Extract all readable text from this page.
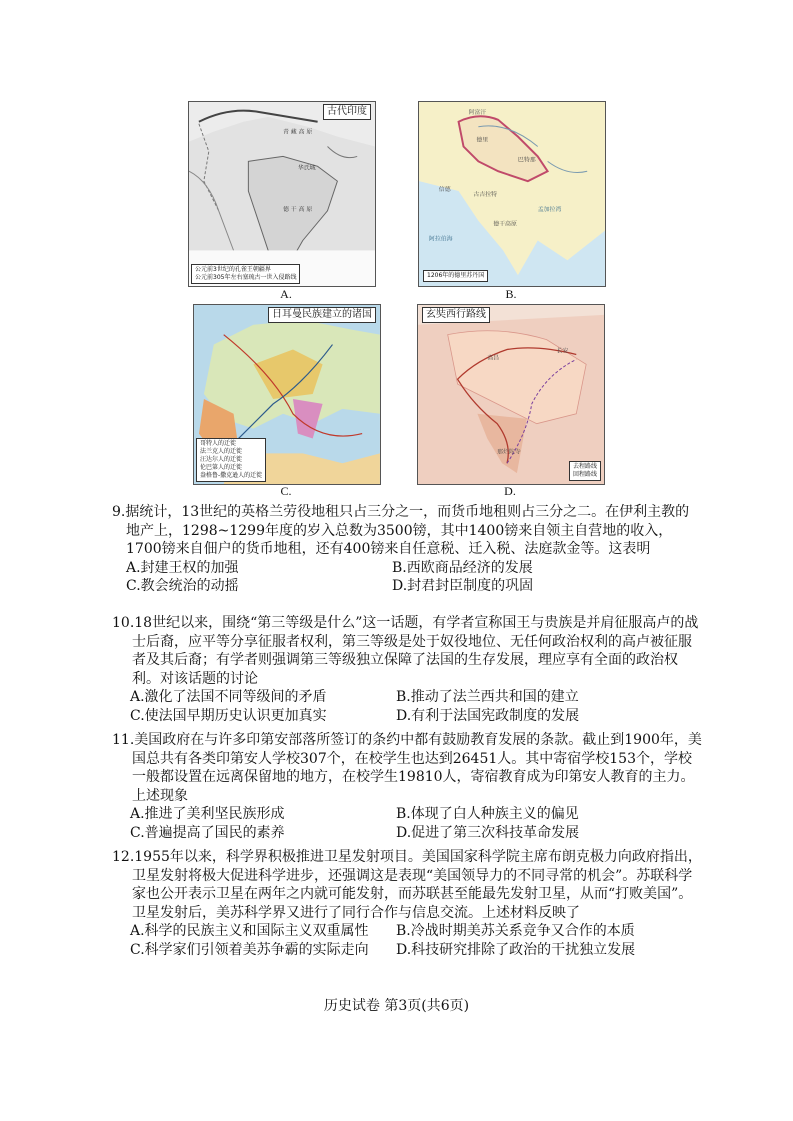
青 藏 高 原
华氏城
德 干 高 原
古代印度
公元前3世纪的孔雀王朝疆界
公元前305年左右塞琉古一世入侵路线
A.
阿富汗
德里
巴特那
信德
古吉拉特
德干高原
孟加拉湾
阿拉伯海
1206年的德里苏丹国
B.
日耳曼民族建立的诸国
哥特人的迁徙
法兰克人的迁徙
汪达尔人的迁徙
伦巴第人的迁徙
盎格鲁-撒克逊人的迁徙
C.
长安
高昌
那烂陀寺
玄奘西行路线
去程路线
回程路线
D.
9.据统计，13世纪的英格兰劳役地租只占三分之一，而货币地租则占三分之二。在伊利主教的地产上，1298~1299年度的岁入总数为3500镑，其中1400镑来自领主自营地的收入，1700镑来自佃户的货币地租，还有400镑来自任意税、迁入税、法庭款金等。这表明
A.封建王权的加强	B.西欧商品经济的发展
C.教会统治的动摇	D.封君封臣制度的巩固
10.18世纪以来，围绕“第三等级是什么”这一话题，有学者宣称国王与贵族是并肩征服高卢的战士后裔，应平等分享征服者权利，第三等级是处于奴役地位、无任何政治权利的高卢被征服者及其后裔；有学者则强调第三等级独立保障了法国的生存发展，理应享有全面的政治权利。对该话题的讨论
A.激化了法国不同等级间的矛盾	B.推动了法兰西共和国的建立
C.使法国早期历史认识更加真实	D.有利于法国宪政制度的发展
11.美国政府在与许多印第安部落所签订的条约中都有鼓励教育发展的条款。截止到1900年，美国总共有各类印第安人学校307个，在校学生也达到26451人。其中寄宿学校153个，学校一般都设置在远离保留地的地方，在校学生19810人，寄宿教育成为印第安人教育的主力。上述现象
A.推进了美利坚民族形成	B.体现了白人种族主义的偏见
C.普遍提高了国民的素养	D.促进了第三次科技革命发展
12.1955年以来，科学界积极推进卫星发射项目。美国国家科学院主席布朗克极力向政府指出，卫星发射将极大促进科学进步，还强调这是表现“美国领导力的不同寻常的机会”。苏联科学家也公开表示卫星在两年之内就可能发射，而苏联甚至能最先发射卫星，从而“打败美国”。卫星发射后，美苏科学界又进行了同行合作与信息交流。上述材料反映了
A.科学的民族主义和国际主义双重属性	B.冷战时期美苏关系竞争又合作的本质
C.科学家们引领着美苏争霸的实际走向	D.科技研究排除了政治的干扰独立发展
历史试卷 第3页(共6页)
